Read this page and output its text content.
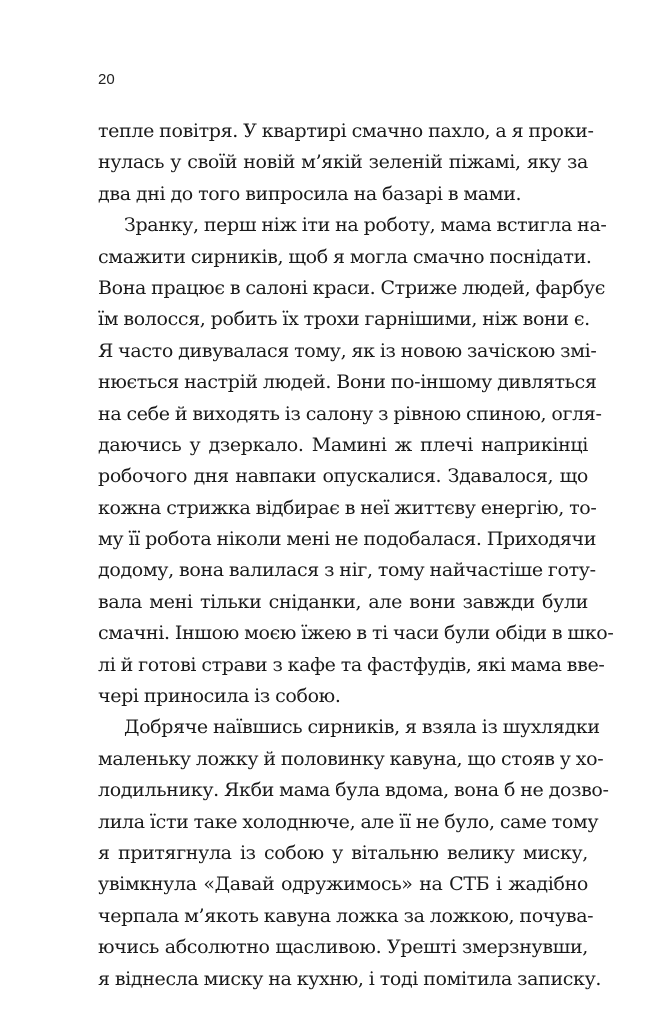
20
тепле повітря. У квартирі смачно пахло, а я проки-
нулась у своїй новій м’якій зеленій піжамі, яку за
два дні до того випросила на базарі в мами.
Зранку, перш ніж іти на роботу, мама встигла на-
смажити сирників, щоб я могла смачно поснідати.
Вона працює в салоні краси. Стриже людей, фарбує
їм волосся, робить їх трохи гарнішими, ніж вони є.
Я часто дивувалася тому, як із новою зачіскою змі-
нюється настрій людей. Вони по-іншому дивляться
на себе й виходять із салону з рівною спиною, огля-
даючись у дзеркало. Мамині ж плечі наприкінці
робочого дня навпаки опускалися. Здавалося, що
кожна стрижка відбирає в неї життєву енергію, то-
му її робота ніколи мені не подобалася. Приходячи
додому, вона валилася з ніг, тому найчастіше готу-
вала мені тільки сніданки, але вони завжди були
смачні. Іншою моєю їжею в ті часи були обіди в шко-
лі й готові страви з кафе та фастфудів, які мама вве-
чері приносила із собою.
Добряче наївшись сирників, я взяла із шухлядки
маленьку ложку й половинку кавуна, що стояв у хо-
лодильнику. Якби мама була вдома, вона б не дозво-
лила їсти таке холоднюче, але її не було, саме тому
я притягнула із собою у вітальню велику миску,
увімкнула «Давай одружимось» на СТБ і жадібно
черпала м’якоть кавуна ложка за ложкою, почува-
ючись абсолютно щасливою. Урешті змерзнувши,
я віднесла миску на кухню, і тоді помітила записку.
